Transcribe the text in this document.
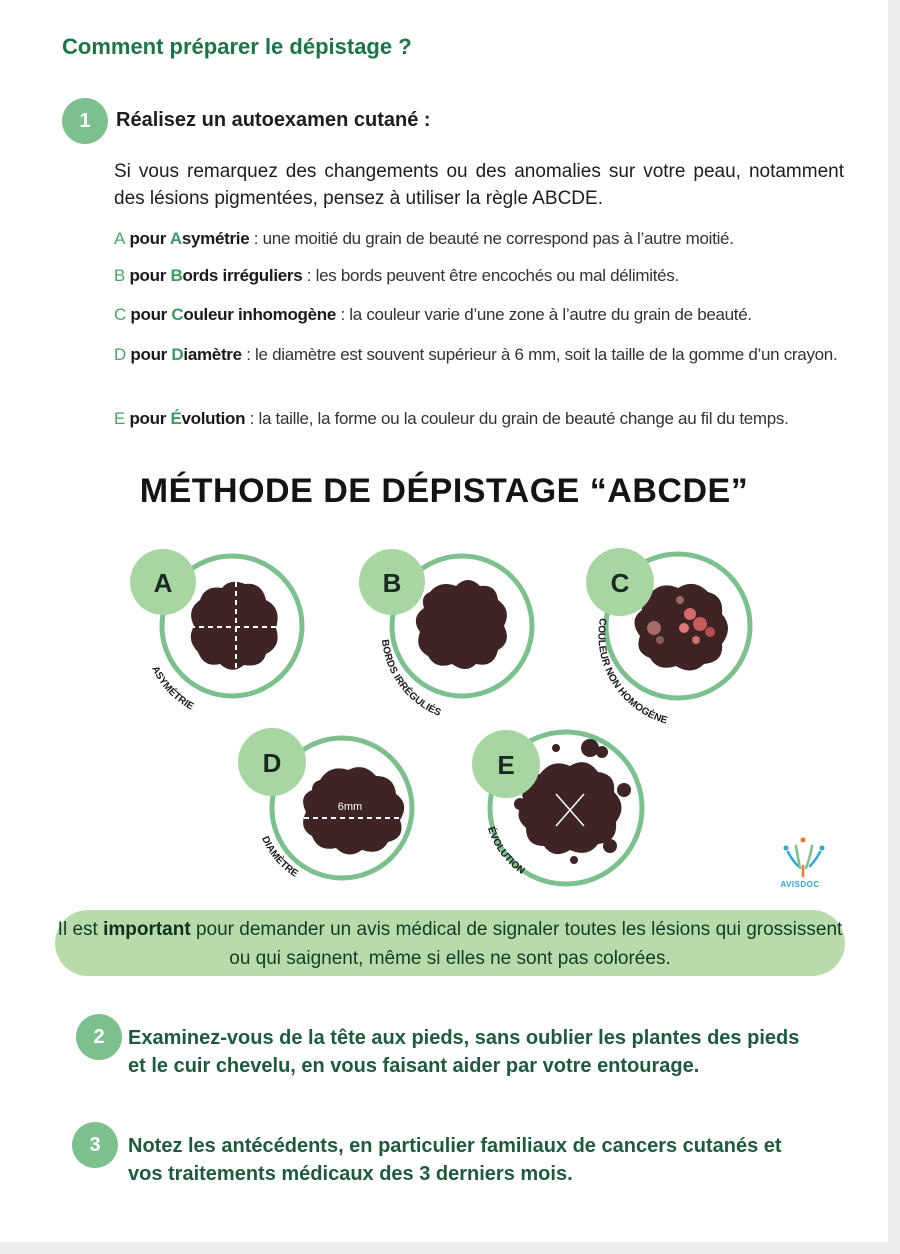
Comment préparer le dépistage ?
1	Réalisez un autoexamen cutané :
Si vous remarquez des changements ou des anomalies sur votre peau, notamment des lésions pigmentées, pensez à utiliser la règle ABCDE.
A pour Asymétrie : une moitié du grain de beauté ne correspond pas à l’autre moitié.
B pour Bords irréguliers : les bords peuvent être encochés ou mal délimités.
C pour Couleur inhomogène : la couleur varie d’une zone à l’autre du grain de beauté.
D pour Diamètre : le diamètre est souvent supérieur à 6 mm, soit la taille de la gomme d’un crayon.
E pour Évolution : la taille, la forme ou la couleur du grain de beauté change au fil du temps.
MÉTHODE DE DÉPISTAGE “ABCDE”
A
ASYMÉTRIE
B
BORDS IRRÉGULIÉS
C
COULEUR NON HOMOGÈNE
6mm
D
DIAMÈTRE
E
ÉVOLUTION
AVISDOC
Il est important pour demander un avis médical de signaler toutes les lésions qui grossissent ou qui saignent, même si elles ne sont pas colorées.
2	Examinez-vous de la tête aux pieds, sans oublier les plantes des pieds et le cuir chevelu, en vous faisant aider par votre entourage.
3	Notez les antécédents, en particulier familiaux de cancers cutanés et vos traitements médicaux des 3 derniers mois.
